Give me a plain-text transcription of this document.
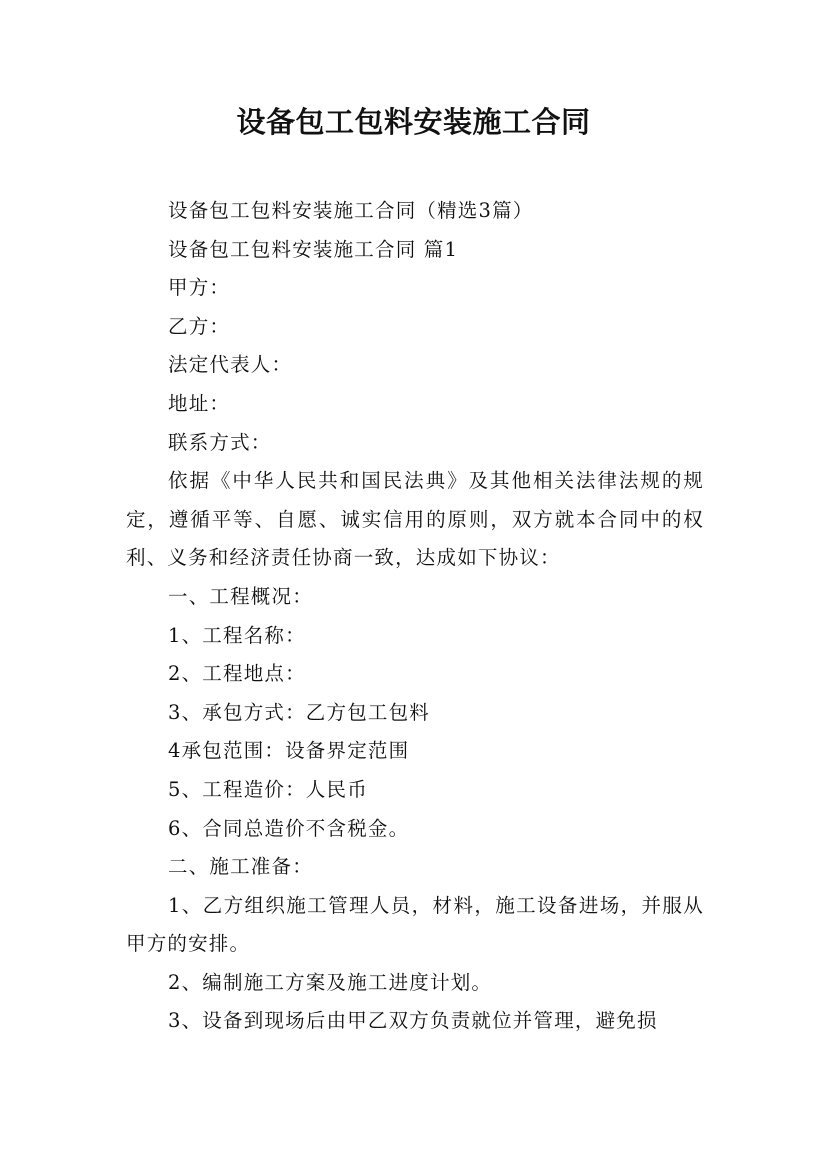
设备包工包料安装施工合同

设备包工包料安装施工合同（精选3篇）

设备包工包料安装施工合同 篇1

甲方：

乙方：

法定代表人：

地址：

联系方式：

依据《中华人民共和国民法典》及其他相关法律法规的规定，遵循平等、自愿、诚实信用的原则，双方就本合同中的权利、义务和经济责任协商一致，达成如下协议：

一、工程概况：

1、工程名称：

2、工程地点：

3、承包方式：乙方包工包料

4承包范围：设备界定范围

5、工程造价：人民币

6、合同总造价不含税金。

二、施工准备：

1、乙方组织施工管理人员，材料，施工设备进场，并服从甲方的安排。

2、编制施工方案及施工进度计划。

3、设备到现场后由甲乙双方负责就位并管理，避免损
